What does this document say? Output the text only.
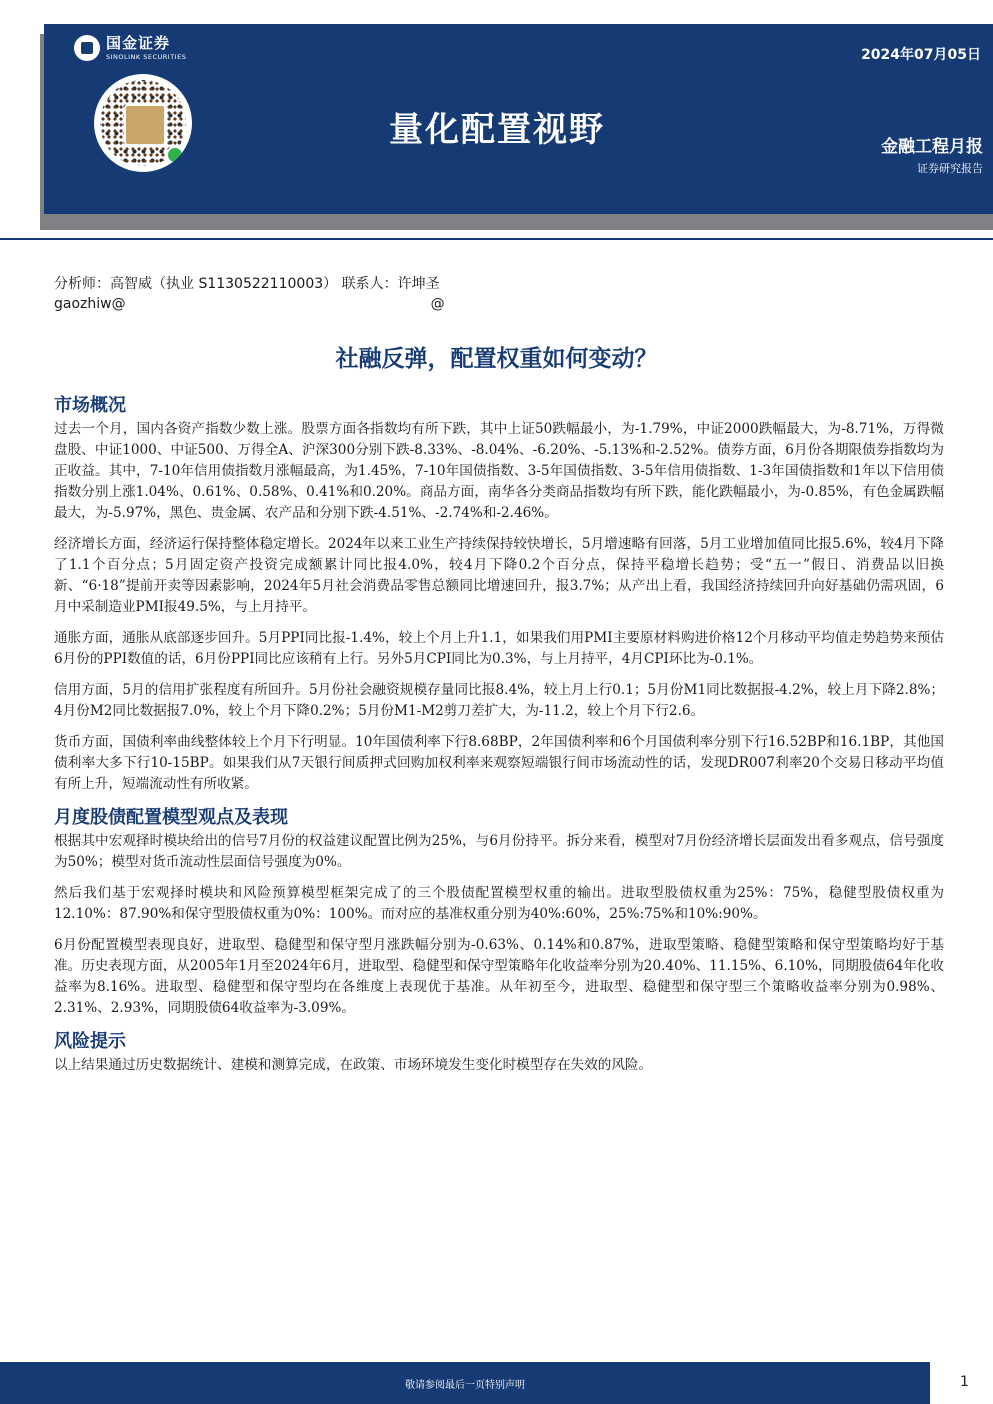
国金证券
SINOLINK SECURITIES
量化配置视野
2024年07月05日
金融工程月报
证券研究报告
分析师：高智威（执业 S1130522110003） 联系人：许坤圣
gaozhiw@	@
社融反弹，配置权重如何变动？
市场概况

过去一个月，国内各资产指数少数上涨。股票方面各指数均有所下跌，其中上证50跌幅最小，为-1.79%，中证2000跌幅最大，为-8.71%，万得微盘股、中证1000、中证500、万得全A、沪深300分别下跌-8.33%、-8.04%、-6.20%、-5.13%和-2.52%。债券方面，6月份各期限债券指数均为正收益。其中，7-10年信用债指数月涨幅最高，为1.45%，7-10年国债指数、3-5年国债指数、3-5年信用债指数、1-3年国债指数和1年以下信用债指数分别上涨1.04%、0.61%、0.58%、0.41%和0.20%。商品方面，南华各分类商品指数均有所下跌，能化跌幅最小，为-0.85%，有色金属跌幅最大，为-5.97%，黑色、贵金属、农产品和分别下跌-4.51%、-2.74%和-2.46%。

经济增长方面，经济运行保持整体稳定增长。2024年以来工业生产持续保持较快增长，5月增速略有回落，5月工业增加值同比报5.6%，较4月下降了1.1个百分点；5月固定资产投资完成额累计同比报4.0%，较4月下降0.2个百分点，保持平稳增长趋势；受“五一”假日、消费品以旧换新、“6·18”提前开卖等因素影响，2024年5月社会消费品零售总额同比增速回升，报3.7%；从产出上看，我国经济持续回升向好基础仍需巩固，6月中采制造业PMI报49.5%，与上月持平。

通胀方面，通胀从底部逐步回升。5月PPI同比报-1.4%，较上个月上升1.1，如果我们用PMI主要原材料购进价格12个月移动平均值走势趋势来预估6月份的PPI数值的话，6月份PPI同比应该稍有上行。另外5月CPI同比为0.3%，与上月持平，4月CPI环比为-0.1%。

信用方面，5月的信用扩张程度有所回升。5月份社会融资规模存量同比报8.4%，较上月上行0.1；5月份M1同比数据报-4.2%，较上月下降2.8%；4月份M2同比数据报7.0%，较上个月下降0.2%；5月份M1-M2剪刀差扩大，为-11.2，较上个月下行2.6。

货币方面，国债利率曲线整体较上个月下行明显。10年国债利率下行8.68BP，2年国债利率和6个月国债利率分别下行16.52BP和16.1BP，其他国债利率大多下行10-15BP。如果我们从7天银行间质押式回购加权利率来观察短端银行间市场流动性的话，发现DR007利率20个交易日移动平均值有所上升，短端流动性有所收紧。

月度股债配置模型观点及表现

根据其中宏观择时模块给出的信号7月份的权益建议配置比例为25%，与6月份持平。拆分来看，模型对7月份经济增长层面发出看多观点，信号强度为50%；模型对货币流动性层面信号强度为0%。

然后我们基于宏观择时模块和风险预算模型框架完成了的三个股债配置模型权重的输出。进取型股债权重为25%：75%，稳健型股债权重为12.10%：87.90%和保守型股债权重为0%：100%。而对应的基准权重分别为40%:60%，25%:75%和10%:90%。

6月份配置模型表现良好，进取型、稳健型和保守型月涨跌幅分别为-0.63%、0.14%和0.87%，进取型策略、稳健型策略和保守型策略均好于基准。历史表现方面，从2005年1月至2024年6月，进取型、稳健型和保守型策略年化收益率分别为20.40%、11.15%、6.10%，同期股债64年化收益率为8.16%。进取型、稳健型和保守型均在各维度上表现优于基准。从年初至今，进取型、稳健型和保守型三个策略收益率分别为0.98%、2.31%、2.93%，同期股债64收益率为-3.09%。

风险提示

以上结果通过历史数据统计、建模和测算完成，在政策、市场环境发生变化时模型存在失效的风险。

敬请参阅最后一页特别声明	1
